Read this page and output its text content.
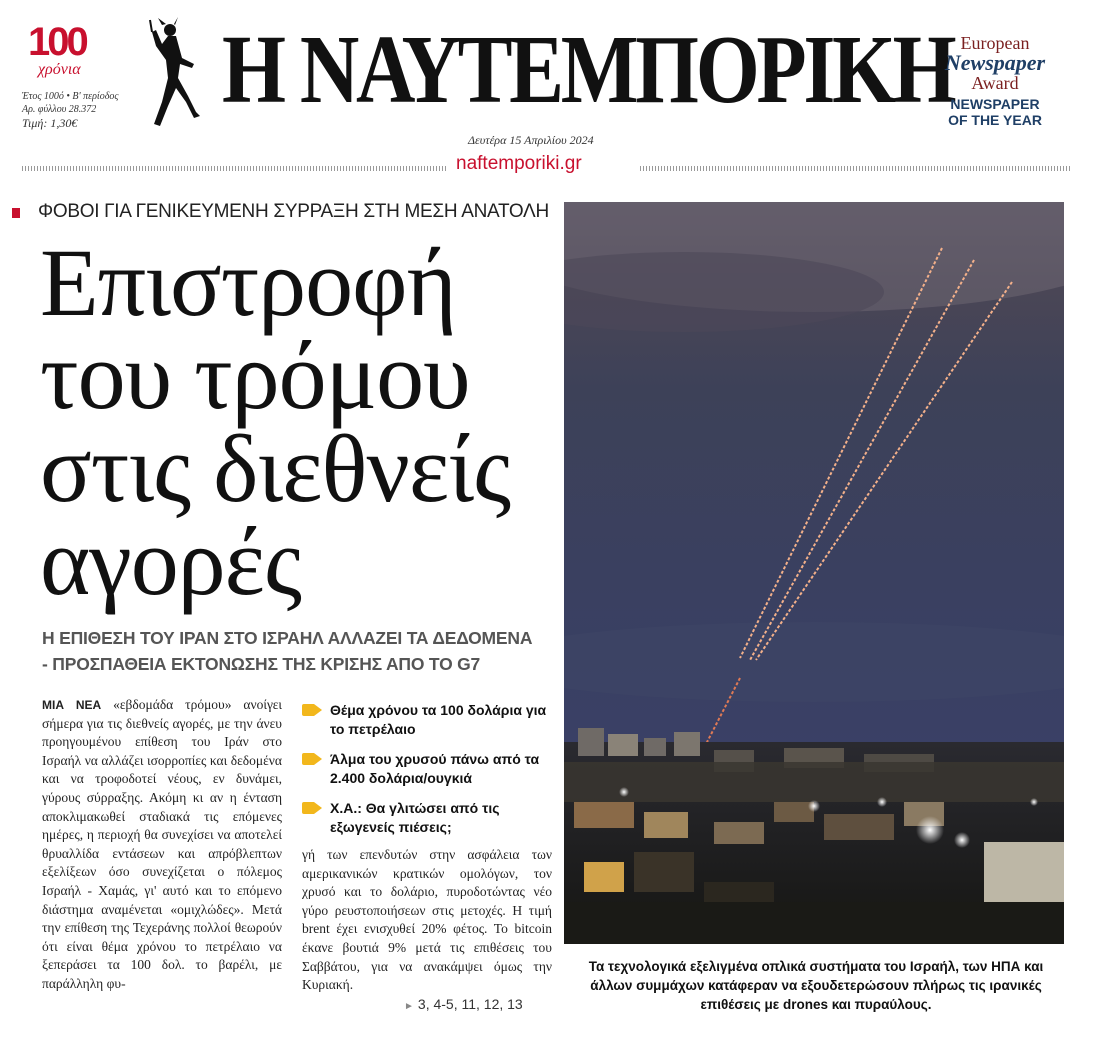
100
χρόνια
Έτος 100ό • Β' περίοδος
Αρ. φύλλου 28.372
Τιμή: 1,30€ Η ΝΑΥΤΕΜΠΟΡΙΚΗ
Δευτέρα 15 Απριλίου 2024
European
Newspaper
Award
NEWSPAPER
OF THE YEAR
naftemporiki.gr
ΦΟΒΟΙ ΓΙΑ ΓΕΝΙΚΕΥΜΕΝΗ ΣΥΡΡΑΞΗ ΣΤΗ ΜΕΣΗ ΑΝΑΤΟΛΗ
Επιστροφή
του τρόμου
στις διεθνείς
αγορές
Η ΕΠΙΘΕΣΗ ΤΟΥ ΙΡΑΝ ΣΤΟ ΙΣΡΑΗΛ ΑΛΛΑΖΕΙ ΤΑ ΔΕΔΟΜΕΝΑ
- ΠΡΟΣΠΑΘΕΙΑ ΕΚΤΟΝΩΣΗΣ ΤΗΣ ΚΡΙΣΗΣ ΑΠΟ ΤΟ G7
ΜΙΑ ΝΕΑ «εβδομάδα τρόμου» ανοίγει σήμερα για τις διεθνείς αγορές, με την άνευ προηγουμένου επίθεση του Ιράν στο Ισραήλ να αλλάζει ισορροπίες και δεδομένα και να τροφοδοτεί νέους, εν δυνάμει, γύρους σύρραξης. Ακόμη κι αν η ένταση αποκλιμακωθεί σταδιακά τις επόμενες ημέρες, η περιοχή θα συνεχίσει να αποτελεί θρυαλλίδα εντάσεων και απρόβλεπτων εξελίξεων όσο συνεχίζεται ο πόλεμος Ισραήλ - Χαμάς, γι' αυτό και το επόμενο διάστημα αναμένεται «ομιχλώδες». Μετά την επίθεση της Τεχεράνης πολλοί θεωρούν ότι είναι θέμα χρόνου το πετρέλαιο να ξεπεράσει τα 100 δολ. το βαρέλι, με παράλληλη φυ-
Θέμα χρόνου τα 100 δολάρια για το πετρέλαιο
Άλμα του χρυσού πάνω από τα 2.400 δολάρια/ουγκιά
Χ.Α.: Θα γλιτώσει από τις εξωγενείς πιέσεις;
γή των επενδυτών στην ασφάλεια των αμερικανικών κρατικών ομολόγων, τον χρυσό και το δολάριο, πυροδοτώντας νέο γύρο ρευστοποιήσεων στις μετοχές. Η τιμή brent έχει ενισχυθεί 20% φέτος. Το bitcoin έκανε βουτιά 9% μετά τις επιθέσεις του Σαββάτου, για να ανακάμψει όμως την Κυριακή.
► 3, 4-5, 11, 12, 13
Τα τεχνολογικά εξελιγμένα οπλικά συστήματα του Ισραήλ, των ΗΠΑ και άλλων συμμάχων κατάφεραν να εξουδετερώσουν πλήρως τις ιρανικές επιθέσεις με drones και πυραύλους.
